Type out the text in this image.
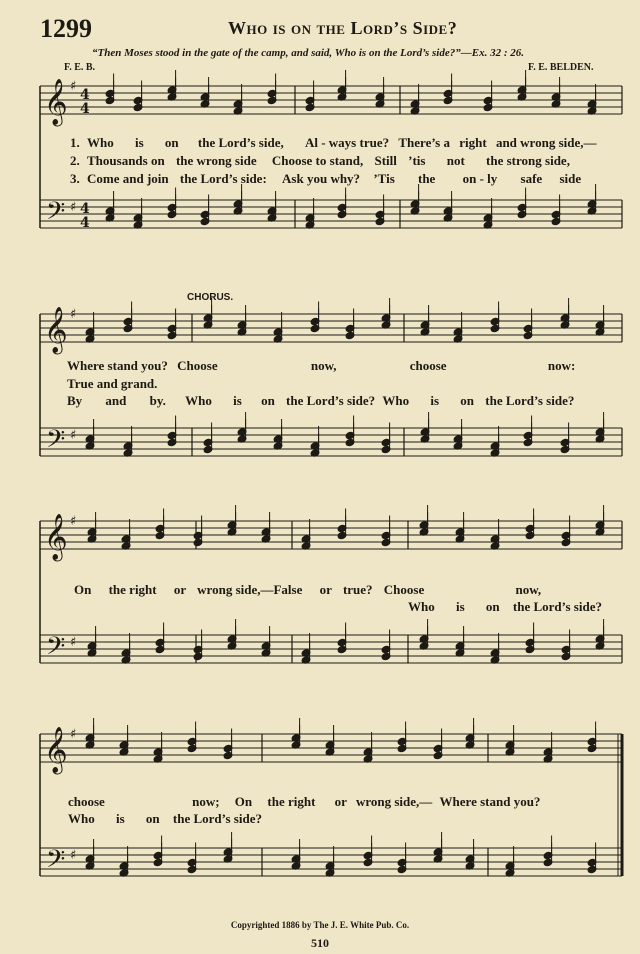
1299	Who is on the Lord’s Side?
“Then Moses stood in the gate of the camp, and said, Who is on the Lord’s side?”—Ex. 32 : 26.
F. E. B.	F. E. BELDEN.
CHORUS.
𝄞
𝄢
♯
♯
4
4
4
4
𝄞
𝄢
♯
♯
𝄞
𝄢
♯
♯
𝄞
𝄢
♯
♯
1. Who is on the Lord’s side, Al - ways true? There’s a right and wrong side,—
2. Thousands on the wrong side Choose to stand, Still ’tis not the strong side,
3. Come and join the Lord’s side: Ask you why? ’Tis the on - ly safe side
Where stand you? Choose	now,	choose	now:
True and grand.
By and by. Who is on the Lord’s side? Who is on the Lord’s side?
On the right or wrong side,—False or true? Choose	now,
Who is on the Lord’s side?
choose	now; On the right or wrong side,— Where stand you?
Who is on the Lord’s side?
Copyrighted 1886 by The J. E. White Pub. Co.
510
